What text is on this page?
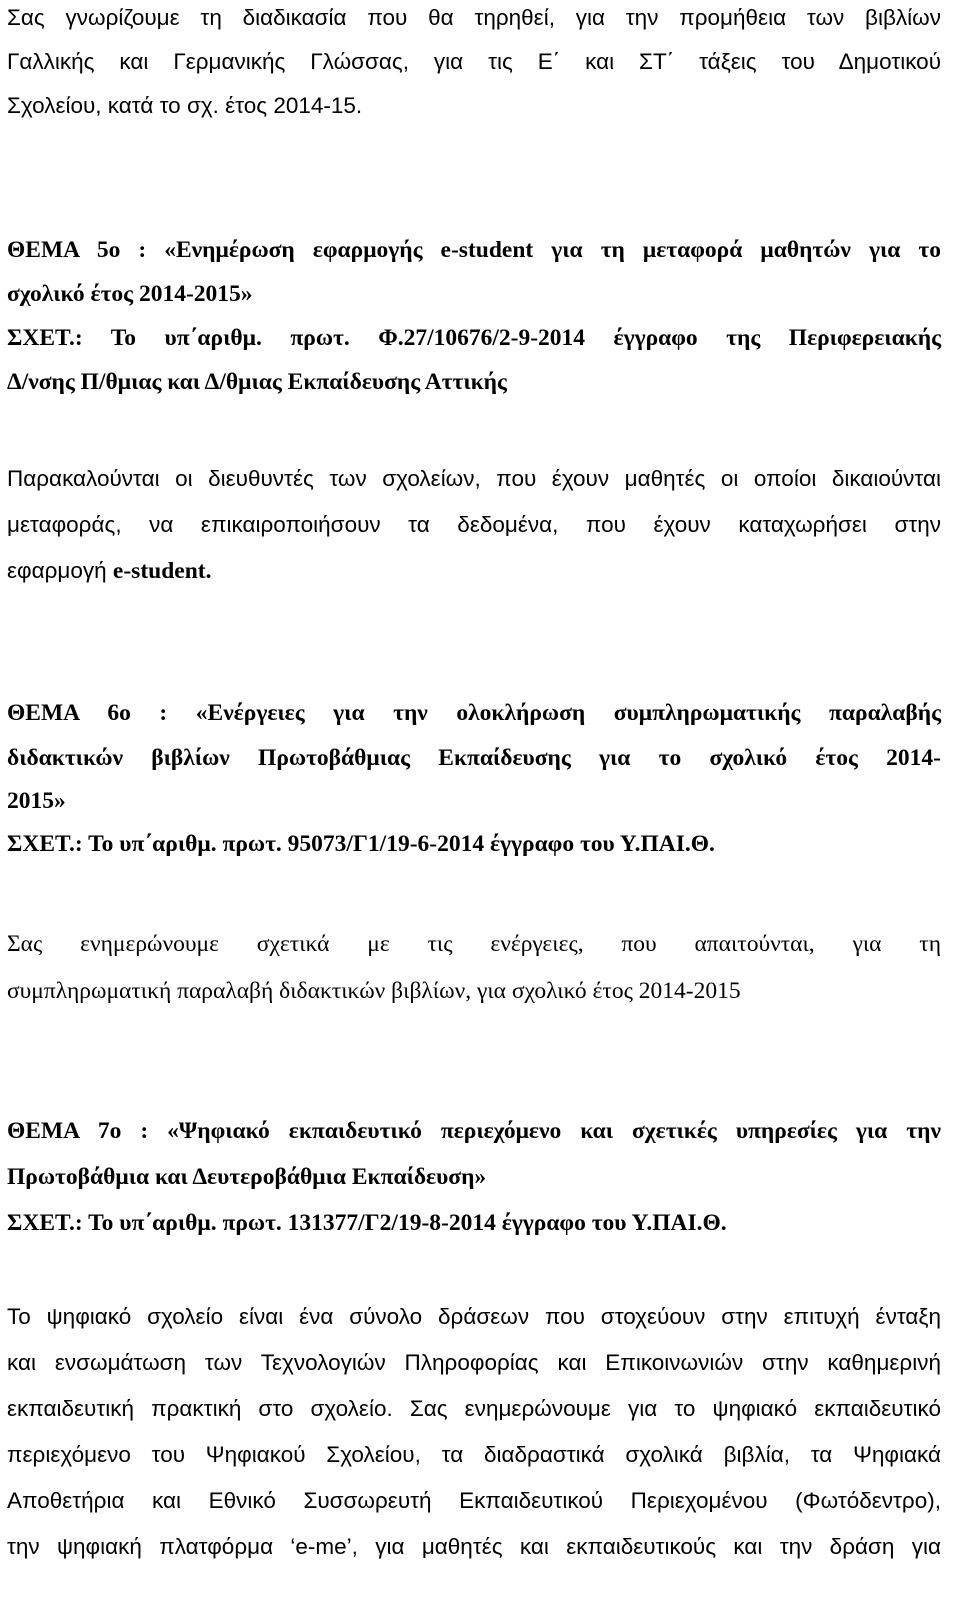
Σας γνωρίζουμε τη διαδικασία που θα τηρηθεί, για την προμήθεια των βιβλίων
Γαλλικής και Γερμανικής Γλώσσας, για τις Ε΄ και ΣΤ΄ τάξεις του Δημοτικού
Σχολείου, κατά το σχ. έτος 2014-15.
ΘΕΜΑ 5ο : «Ενημέρωση εφαρμογής e-student για τη μεταφορά μαθητών για το
σχολικό έτος 2014-2015»
ΣΧΕΤ.: Το υπ΄αριθμ. πρωτ. Φ.27/10676/2-9-2014 έγγραφο της Περιφερειακής
Δ/νσης Π/θμιας και Δ/θμιας Εκπαίδευσης Αττικής
Παρακαλούνται οι διευθυντές των σχολείων, που έχουν μαθητές οι οποίοι δικαιούνται
μεταφοράς, να επικαιροποιήσουν τα δεδομένα, που έχουν καταχωρήσει στην
εφαρμογή e-student.
ΘΕΜΑ 6ο : «Ενέργειες για την ολοκλήρωση συμπληρωματικής παραλαβής
διδακτικών βιβλίων Πρωτοβάθμιας Εκπαίδευσης για το σχολικό έτος 2014-
2015»
ΣΧΕΤ.: Το υπ΄αριθμ. πρωτ. 95073/Γ1/19-6-2014 έγγραφο του Υ.ΠΑΙ.Θ.
Σας ενημερώνουμε σχετικά με τις ενέργειες, που απαιτούνται, για τη
συμπληρωματική παραλαβή διδακτικών βιβλίων, για σχολικό έτος 2014-2015
ΘΕΜΑ 7ο : «Ψηφιακό εκπαιδευτικό περιεχόμενο και σχετικές υπηρεσίες για την
Πρωτοβάθμια και Δευτεροβάθμια Εκπαίδευση»
ΣΧΕΤ.: Το υπ΄αριθμ. πρωτ. 131377/Γ2/19-8-2014 έγγραφο του Υ.ΠΑΙ.Θ.
Το ψηφιακό σχολείο είναι ένα σύνολο δράσεων που στοχεύουν στην επιτυχή ένταξη
και ενσωμάτωση των Τεχνολογιών Πληροφορίας και Επικοινωνιών στην καθημερινή
εκπαιδευτική πρακτική στο σχολείο. Σας ενημερώνουμε για το ψηφιακό εκπαιδευτικό
περιεχόμενο του Ψηφιακού Σχολείου, τα διαδραστικά σχολικά βιβλία, τα Ψηφιακά
Αποθετήρια και Εθνικό Συσσωρευτή Εκπαιδευτικού Περιεχομένου (Φωτόδεντρο),
την ψηφιακή πλατφόρμα ‘e-me’, για μαθητές και εκπαιδευτικούς και την δράση για
